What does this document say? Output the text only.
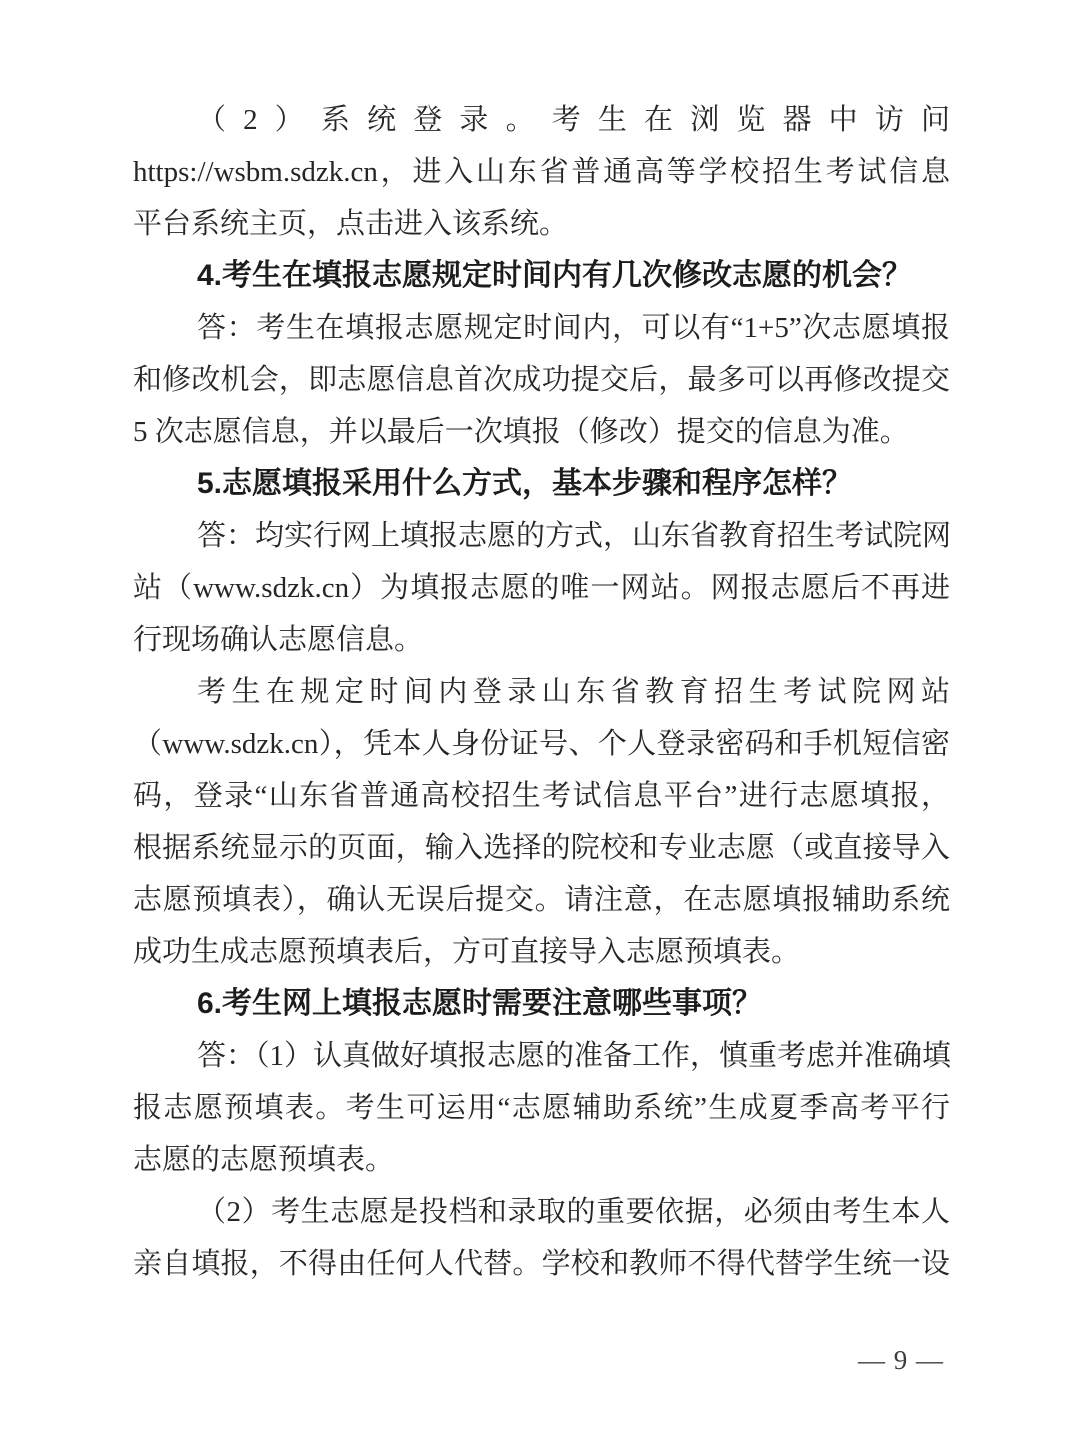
（2）系统登录。考生在浏览器中访问
https://wsbm.sdzk.cn，进入山东省普通高等学校招生考试信息
平台系统主页，点击进入该系统。
4.考生在填报志愿规定时间内有几次修改志愿的机会？
答：考生在填报志愿规定时间内，可以有“1+5”次志愿填报
和修改机会，即志愿信息首次成功提交后，最多可以再修改提交
5 次志愿信息，并以最后一次填报（修改）提交的信息为准。
5.志愿填报采用什么方式，基本步骤和程序怎样？
答：均实行网上填报志愿的方式，山东省教育招生考试院网
站（www.sdzk.cn）为填报志愿的唯一网站。网报志愿后不再进
行现场确认志愿信息。
考生在规定时间内登录山东省教育招生考试院网站
（www.sdzk.cn），凭本人身份证号、个人登录密码和手机短信密
码，登录“山东省普通高校招生考试信息平台”进行志愿填报，
根据系统显示的页面，输入选择的院校和专业志愿（或直接导入
志愿预填表），确认无误后提交。请注意，在志愿填报辅助系统
成功生成志愿预填表后，方可直接导入志愿预填表。
6.考生网上填报志愿时需要注意哪些事项？
答：（1）认真做好填报志愿的准备工作，慎重考虑并准确填
报志愿预填表。考生可运用“志愿辅助系统”生成夏季高考平行
志愿的志愿预填表。
（2）考生志愿是投档和录取的重要依据，必须由考生本人
亲自填报，不得由任何人代替。学校和教师不得代替学生统一设
— 9 —
